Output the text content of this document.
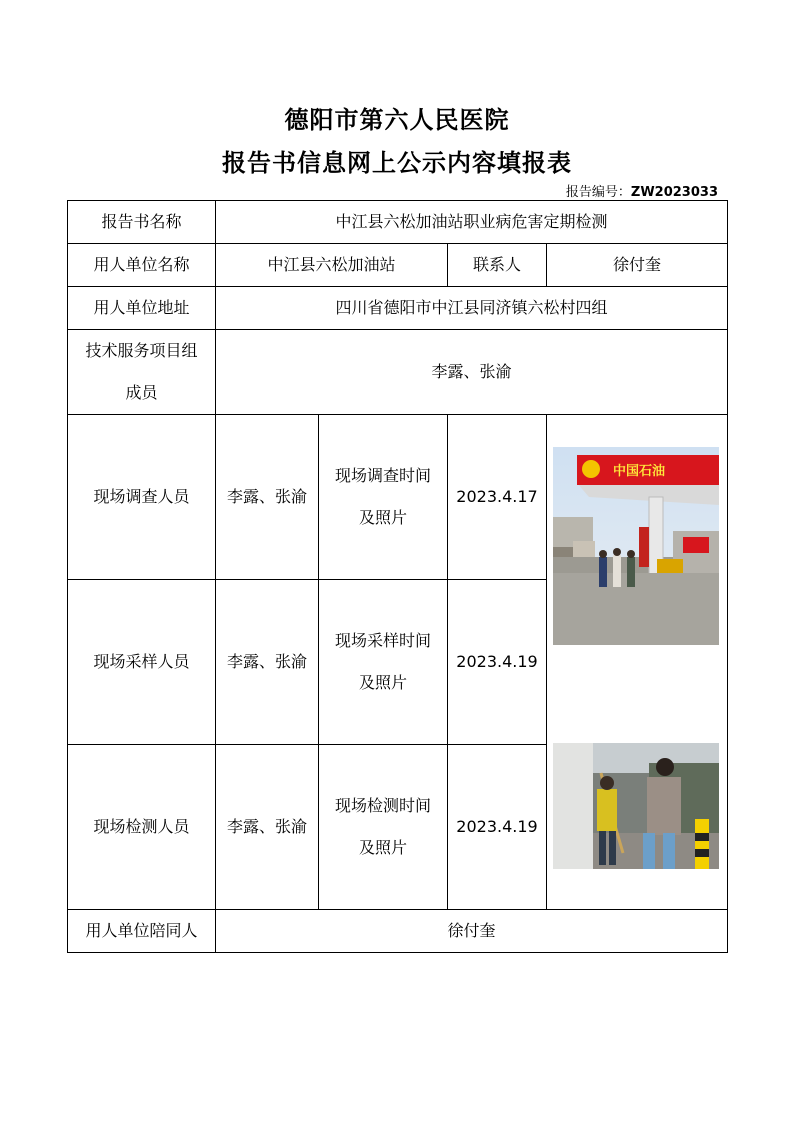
德阳市第六人民医院
报告书信息网上公示内容填报表
报告编号：ZW2023033
报告书名称	中江县六松加油站职业病危害定期检测			
用人单位名称	中江县六松加油站		联系人	徐付奎
用人单位地址	四川省德阳市中江县同济镇六松村四组			
技术服务项目组
成员	李露、张渝			
现场调查人员	李露、张渝	现场调查时间
及照片	2023.4.17	中国石油

现场采样人员	李露、张渝	现场采样时间
及照片	2023.4.19	
现场检测人员	李露、张渝	现场检测时间
及照片	2023.4.19	
用人单位陪同人	徐付奎			
